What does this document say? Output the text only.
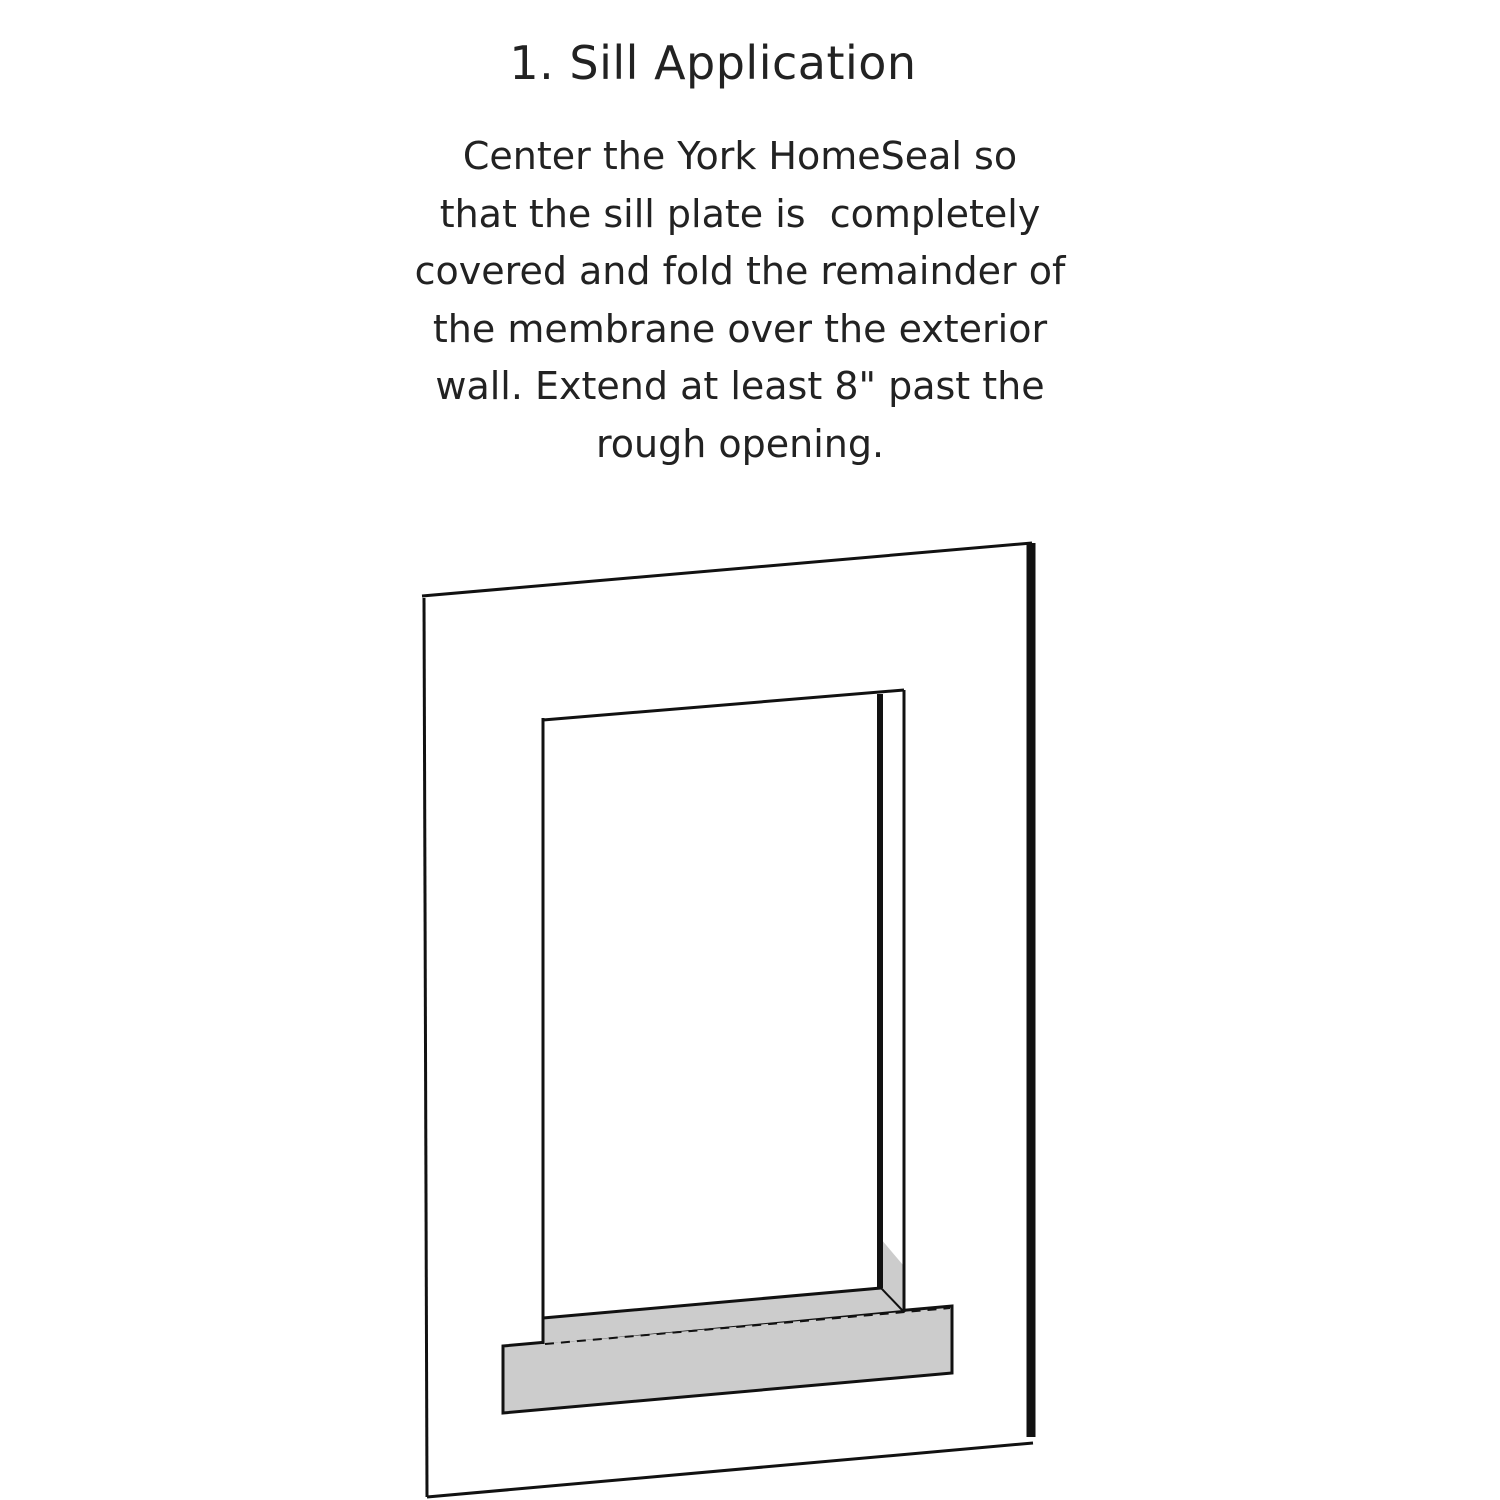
1. Sill Application

Center the York HomeSeal so
that the sill plate is  completely
covered and fold the remainder of
the membrane over the exterior
wall. Extend at least 8" past the
rough opening.
